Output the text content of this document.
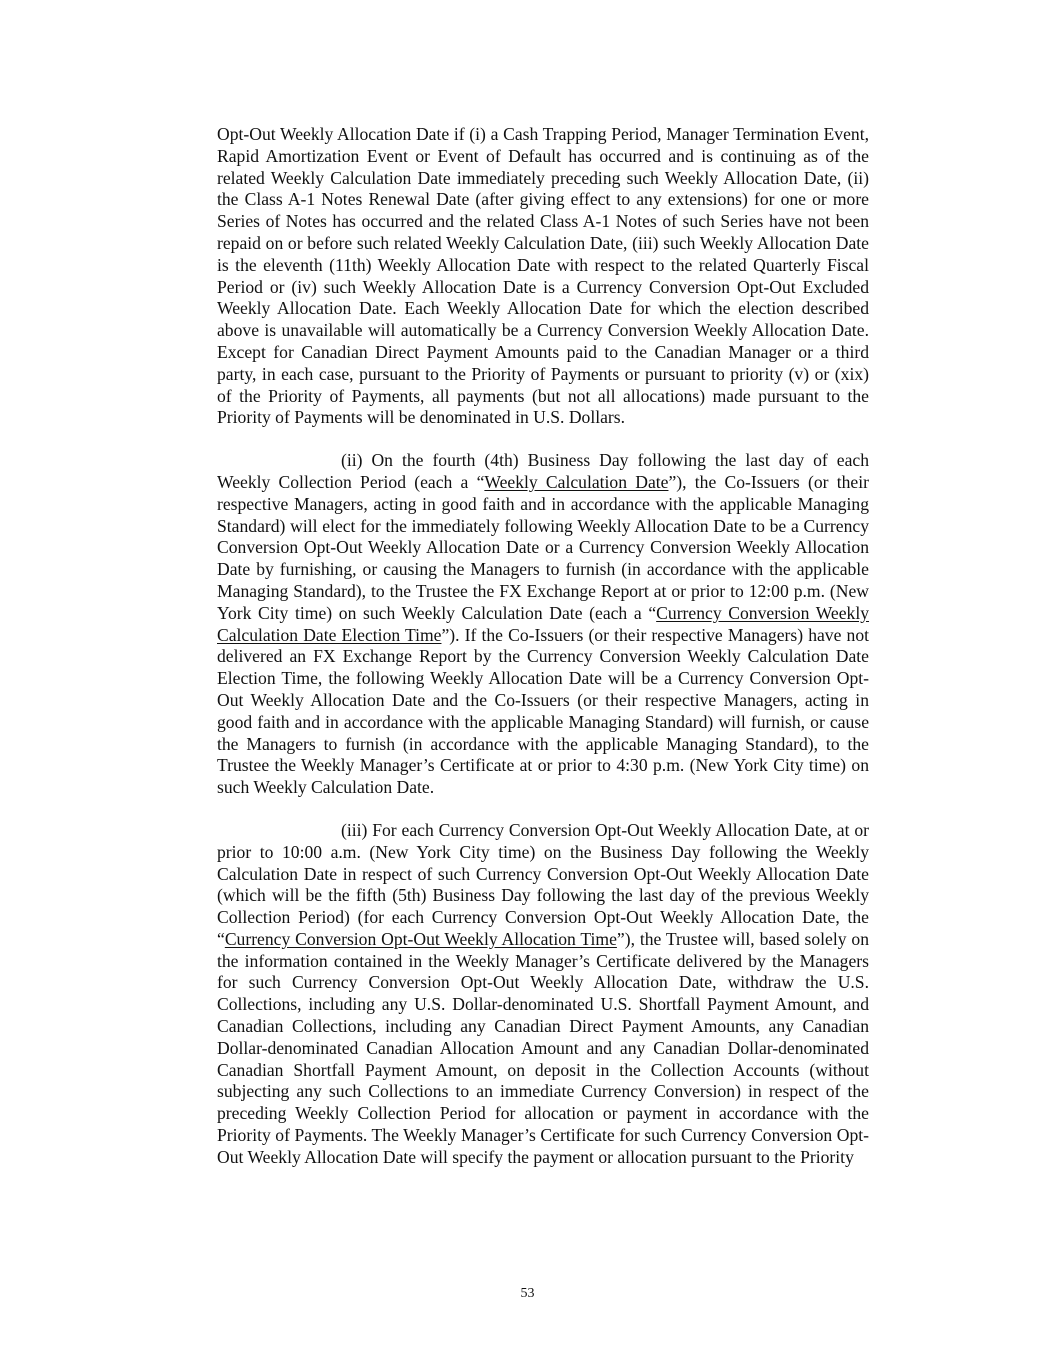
Opt-Out Weekly Allocation Date if (i) a Cash Trapping Period, Manager Termination Event, Rapid Amortization Event or Event of Default has occurred and is continuing as of the related Weekly Calculation Date immediately preceding such Weekly Allocation Date, (ii) the Class A-1 Notes Renewal Date (after giving effect to any extensions) for one or more Series of Notes has occurred and the related Class A-1 Notes of such Series have not been repaid on or before such related Weekly Calculation Date, (iii) such Weekly Allocation Date is the eleventh (11th) Weekly Allocation Date with respect to the related Quarterly Fiscal Period or (iv) such Weekly Allocation Date is a Currency Conversion Opt-Out Excluded Weekly Allocation Date. Each Weekly Allocation Date for which the election described above is unavailable will automatically be a Currency Conversion Weekly Allocation Date. Except for Canadian Direct Payment Amounts paid to the Canadian Manager or a third party, in each case, pursuant to the Priority of Payments or pursuant to priority (v) or (xix) of the Priority of Payments, all payments (but not all allocations) made pursuant to the Priority of Payments will be denominated in U.S. Dollars.

(ii) On the fourth (4th) Business Day following the last day of each Weekly Collection Period (each a “Weekly Calculation Date”), the Co-Issuers (or their respective Managers, acting in good faith and in accordance with the applicable Managing Standard) will elect for the immediately following Weekly Allocation Date to be a Currency Conversion Opt-Out Weekly Allocation Date or a Currency Conversion Weekly Allocation Date by furnishing, or causing the Managers to furnish (in accordance with the applicable Managing Standard), to the Trustee the FX Exchange Report at or prior to 12:00 p.m. (New York City time) on such Weekly Calculation Date (each a “Currency Conversion Weekly Calculation Date Election Time”). If the Co-Issuers (or their respective Managers) have not delivered an FX Exchange Report by the Currency Conversion Weekly Calculation Date Election Time, the following Weekly Allocation Date will be a Currency Conversion Opt-Out Weekly Allocation Date and the Co-Issuers (or their respective Managers, acting in good faith and in accordance with the applicable Managing Standard) will furnish, or cause the Managers to furnish (in accordance with the applicable Managing Standard), to the Trustee the Weekly Manager’s Certificate at or prior to 4:30 p.m. (New York City time) on such Weekly Calculation Date.

(iii) For each Currency Conversion Opt-Out Weekly Allocation Date, at or prior to 10:00 a.m. (New York City time) on the Business Day following the Weekly Calculation Date in respect of such Currency Conversion Opt-Out Weekly Allocation Date (which will be the fifth (5th) Business Day following the last day of the previous Weekly Collection Period) (for each Currency Conversion Opt-Out Weekly Allocation Date, the “Currency Conversion Opt-Out Weekly Allocation Time”), the Trustee will, based solely on the information contained in the Weekly Manager’s Certificate delivered by the Managers for such Currency Conversion Opt-Out Weekly Allocation Date, withdraw the U.S. Collections, including any U.S. Dollar-denominated U.S. Shortfall Payment Amount, and Canadian Collections, including any Canadian Direct Payment Amounts, any Canadian Dollar-denominated Canadian Allocation Amount and any Canadian Dollar-denominated Canadian Shortfall Payment Amount, on deposit in the Collection Accounts (without subjecting any such Collections to an immediate Currency Conversion) in respect of the preceding Weekly Collection Period for allocation or payment in accordance with the Priority of Payments. The Weekly Manager’s Certificate for such Currency Conversion Opt-Out Weekly Allocation Date will specify the payment or allocation pursuant to the Priority

53
